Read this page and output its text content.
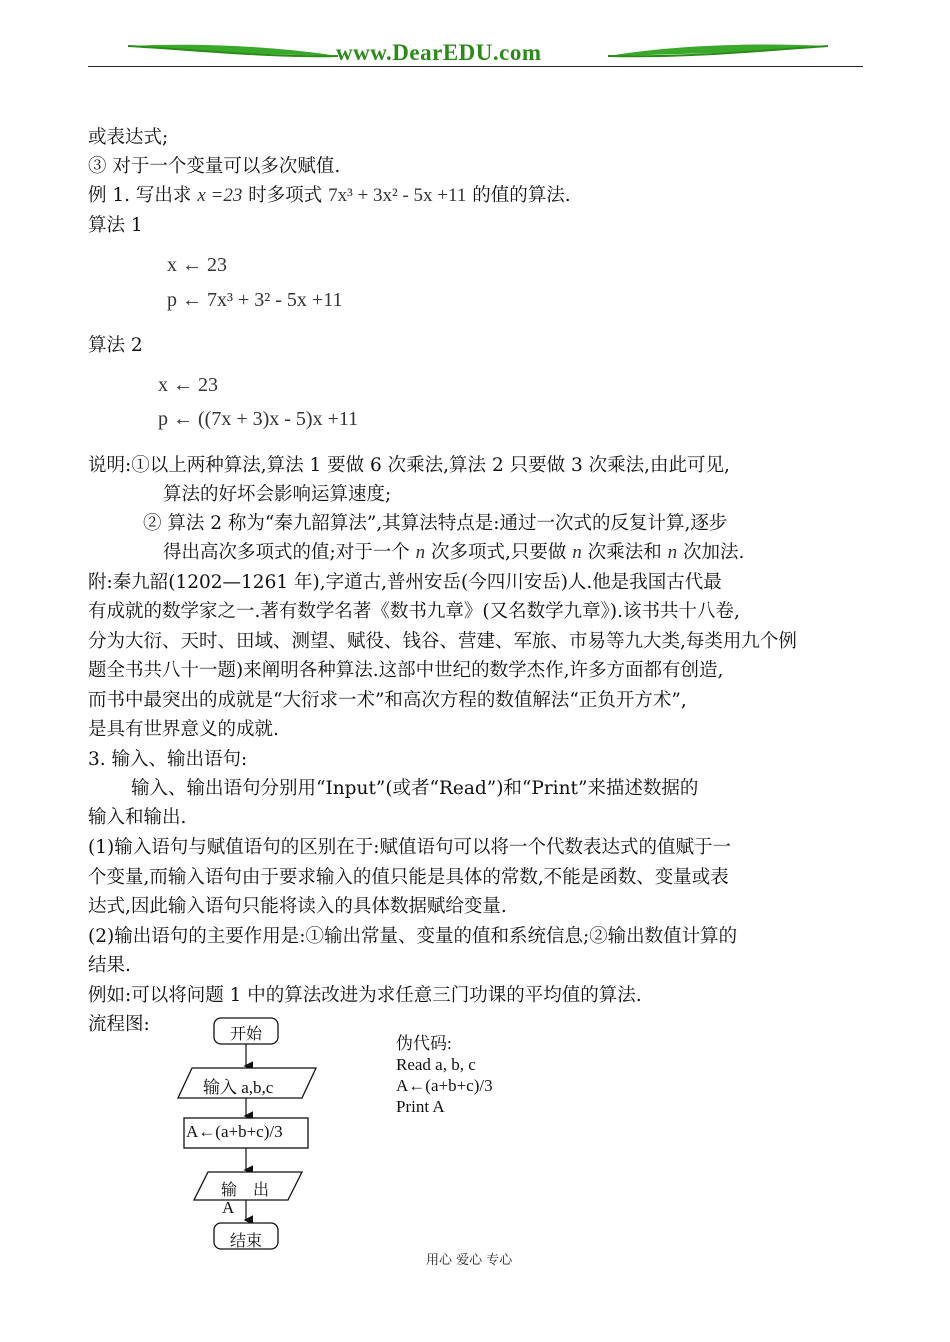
www.DearEDU.com
或表达式;
③ 对于一个变量可以多次赋值.
例 1. 写出求 x =23 时多项式 7x³ + 3x² - 5x +11 的值的算法.
算法 1
x ← 23
p ← 7x³ + 3² - 5x +11
算法 2
x ← 23
p ← ((7x + 3)x - 5)x +11
说明:①以上两种算法,算法 1 要做 6 次乘法,算法 2 只要做 3 次乘法,由此可见,
算法的好坏会影响运算速度;
② 算法 2 称为“秦九韶算法”,其算法特点是:通过一次式的反复计算,逐步
得出高次多项式的值;对于一个 n 次多项式,只要做 n 次乘法和 n 次加法.
附:秦九韶(1202—1261 年),字道古,普州安岳(今四川安岳)人.他是我国古代最
有成就的数学家之一.著有数学名著《数书九章》(又名数学九章》).该书共十八卷,
分为大衍、天时、田域、测望、赋役、钱谷、营建、军旅、市易等九大类,每类用九个例
题全书共八十一题)来阐明各种算法.这部中世纪的数学杰作,许多方面都有创造,
而书中最突出的成就是“大衍求一术”和高次方程的数值解法“正负开方术”,
是具有世界意义的成就.
3. 输入、输出语句:
输入、输出语句分别用“Input”(或者“Read”)和“Print”来描述数据的
输入和输出.
(1)输入语句与赋值语句的区别在于:赋值语句可以将一个代数表达式的值赋于一
个变量,而输入语句由于要求输入的值只能是具体的常数,不能是函数、变量或表
达式,因此输入语句只能将读入的具体数据赋给变量.
(2)输出语句的主要作用是:①输出常量、变量的值和系统信息;②输出数值计算的
结果.
例如:可以将问题 1 中的算法改进为求任意三门功课的平均值的算法.
流程图:	开始
输入 a,b,c
A←(a+b+c)/3
输　出
A
结束
伪代码:
Read a, b, c
A←(a+b+c)/3
Print A
用心 爱心 专心
